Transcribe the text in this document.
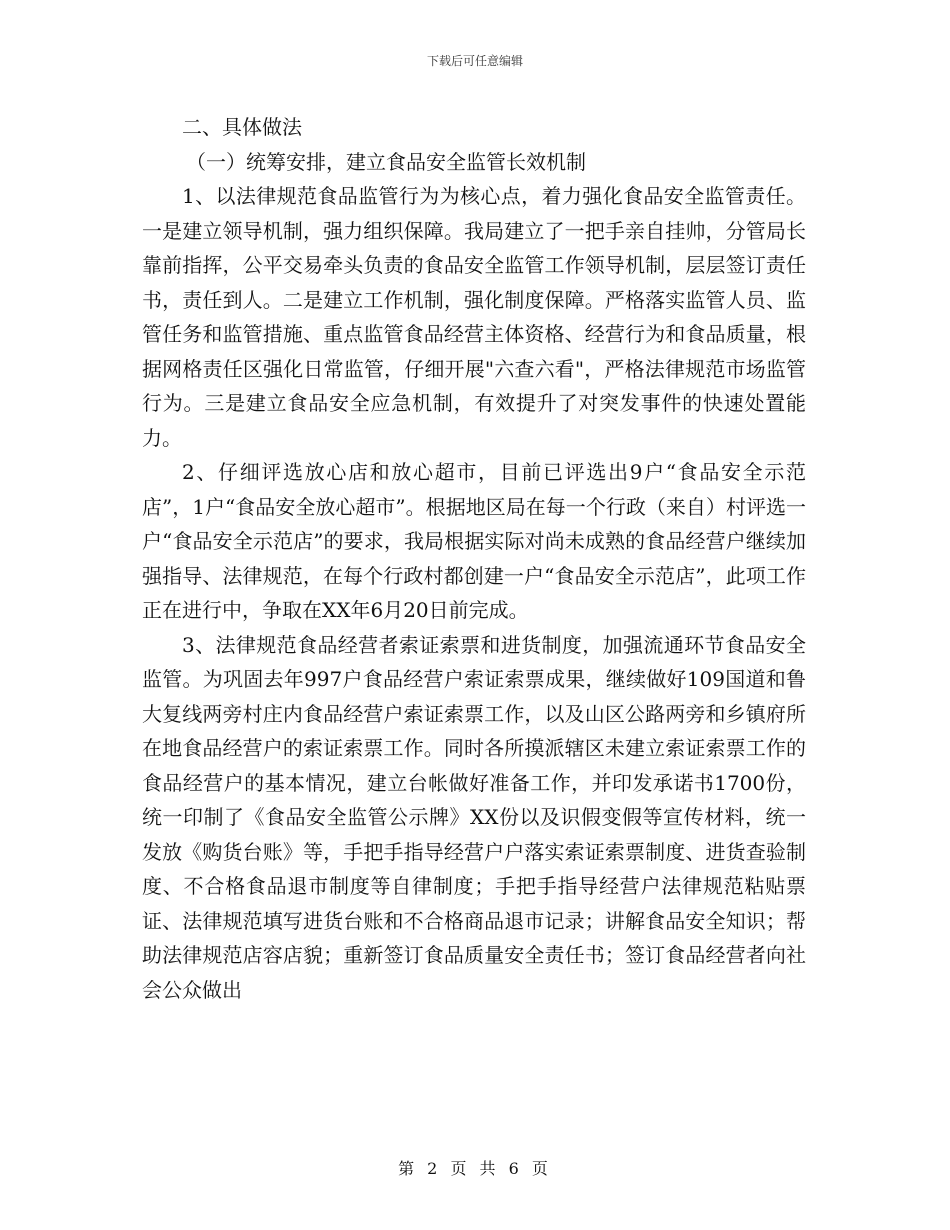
下载后可任意编辑

二、具体做法

（一）统筹安排，建立食品安全监管长效机制

1、以法律规范食品监管行为为核心点，着力强化食品安全监管责任。一是建立领导机制，强力组织保障。我局建立了一把手亲自挂帅，分管局长靠前指挥，公平交易牵头负责的食品安全监管工作领导机制，层层签订责任书，责任到人。二是建立工作机制，强化制度保障。严格落实监管人员、监管任务和监管措施、重点监管食品经营主体资格、经营行为和食品质量，根据网格责任区强化日常监管，仔细开展"六查六看"，严格法律规范市场监管行为。三是建立食品安全应急机制，有效提升了对突发事件的快速处置能力。

2、仔细评选放心店和放心超市，目前已评选出9户“食品安全示范店”，1户“食品安全放心超市”。根据地区局在每一个行政（来自）村评选一户“食品安全示范店”的要求，我局根据实际对尚未成熟的食品经营户继续加强指导、法律规范，在每个行政村都创建一户“食品安全示范店”，此项工作正在进行中，争取在XX年6月20日前完成。

3、法律规范食品经营者索证索票和进货制度，加强流通环节食品安全监管。为巩固去年997户食品经营户索证索票成果，继续做好109国道和鲁大复线两旁村庄内食品经营户索证索票工作，以及山区公路两旁和乡镇府所在地食品经营户的索证索票工作。同时各所摸派辖区未建立索证索票工作的食品经营户的基本情况，建立台帐做好准备工作，并印发承诺书1700份，统一印制了《食品安全监管公示牌》XX份以及识假变假等宣传材料，统一发放《购货台账》等，手把手指导经营户户落实索证索票制度、进货查验制度、不合格食品退市制度等自律制度；手把手指导经营户法律规范粘贴票证、法律规范填写进货台账和不合格商品退市记录；讲解食品安全知识；帮助法律规范店容店貌；重新签订食品质量安全责任书；签订食品经营者向社会公众做出

第 2 页 共 6 页
